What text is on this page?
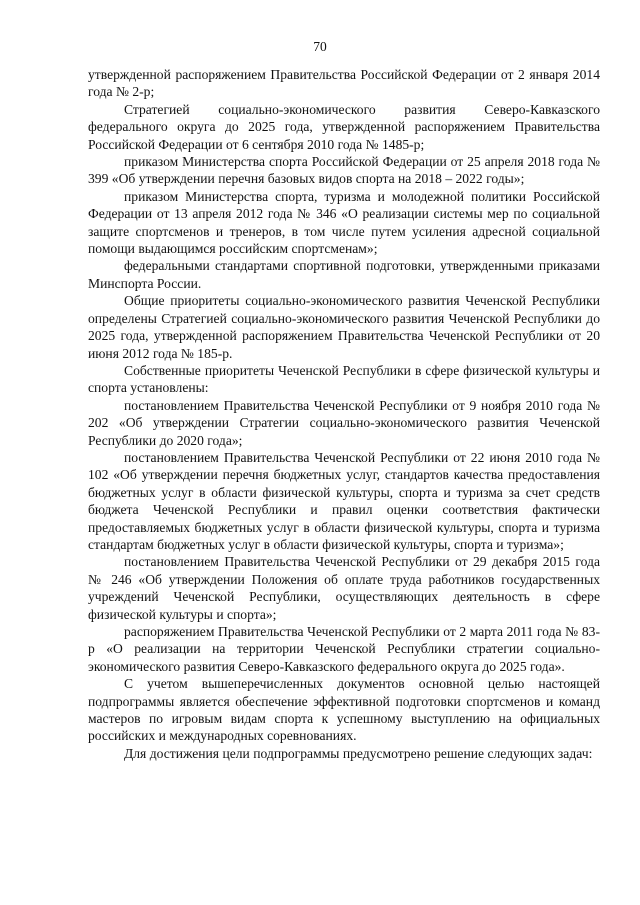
70

утвержденной распоряжением Правительства Российской Федерации от 2 января 2014 года № 2-р;

Стратегией социально-экономического развития Северо-Кавказского федерального округа до 2025 года, утвержденной распоряжением Правительства Российской Федерации от 6 сентября 2010 года № 1485-р;

приказом Министерства спорта Российской Федерации от 25 апреля 2018 года № 399 «Об утверждении перечня базовых видов спорта на 2018 – 2022 годы»;

приказом Министерства спорта, туризма и молодежной политики Российской Федерации от 13 апреля 2012 года № 346 «О реализации системы мер по социальной защите спортсменов и тренеров, в том числе путем усиления адресной социальной помощи выдающимся российским спортсменам»;

федеральными стандартами спортивной подготовки, утвержденными приказами Минспорта России.

Общие приоритеты социально-экономического развития Чеченской Республики определены Стратегией социально-экономического развития Чеченской Республики до 2025 года, утвержденной распоряжением Правительства Чеченской Республики от 20 июня 2012 года № 185-р.

Собственные приоритеты Чеченской Республики в сфере физической культуры и спорта установлены:

постановлением Правительства Чеченской Республики от 9 ноября 2010 года № 202 «Об утверждении Стратегии социально-экономического развития Чеченской Республики до 2020 года»;

постановлением Правительства Чеченской Республики от 22 июня 2010 года № 102 «Об утверждении перечня бюджетных услуг, стандартов качества предоставления бюджетных услуг в области физической культуры, спорта и туризма за счет средств бюджета Чеченской Республики и правил оценки соответствия фактически предоставляемых бюджетных услуг в области физической культуры, спорта и туризма стандартам бюджетных услуг в области физической культуры, спорта и туризма»;

постановлением Правительства Чеченской Республики от 29 декабря 2015 года № 246 «Об утверждении Положения об оплате труда работников государственных учреждений Чеченской Республики, осуществляющих деятельность в сфере физической культуры и спорта»;

распоряжением Правительства Чеченской Республики от 2 марта 2011 года № 83-р «О реализации на территории Чеченской Республики стратегии социально-экономического развития Северо-Кавказского федерального округа до 2025 года».

С учетом вышеперечисленных документов основной целью настоящей подпрограммы является обеспечение эффективной подготовки спортсменов и команд мастеров по игровым видам спорта к успешному выступлению на официальных российских и международных соревнованиях.

Для достижения цели подпрограммы предусмотрено решение следующих задач:
